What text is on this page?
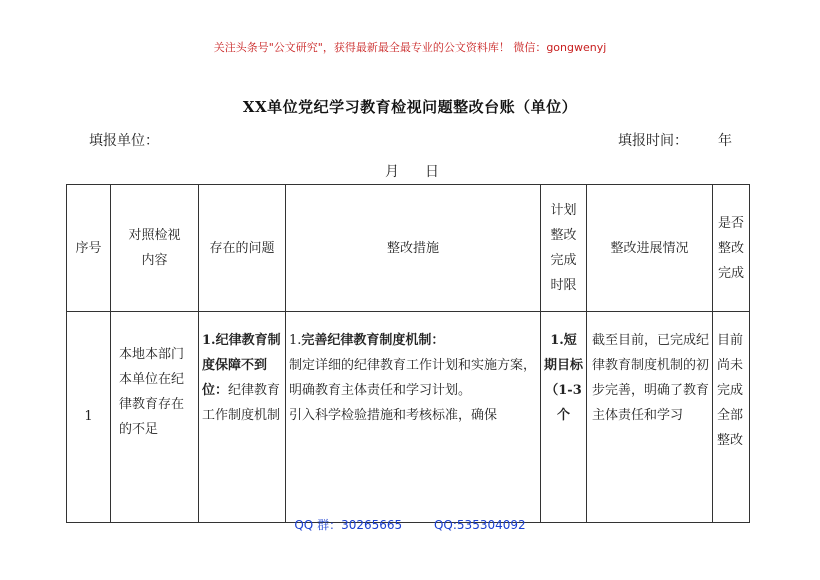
关注头条号"公文研究"，获得最新最全最专业的公文资料库！ 微信：gongwenyj
XX单位党纪学习教育检视问题整改台账（单位）
填报单位：	填报时间： 年
月 日
序号	对照检视内容	存在的问题	整改措施	计划整改完成时限	整改进展情况	是否整改完成
1	本地本部门本单位在纪律教育存在的不足	1.纪律教育制度保障不到位：纪律教育工作制度机制	1.完善纪律教育制度机制：
制定详细的纪律教育工作计划和实施方案，明确教育主体责任和学习计划。
引入科学检验措施和考核标准，确保	1.短期目标（1-3个	截至目前，已完成纪律教育制度机制的初步完善，明确了教育主体责任和学习	目前尚未完成全部整改
QQ 群：30265665	QQ:535304092
